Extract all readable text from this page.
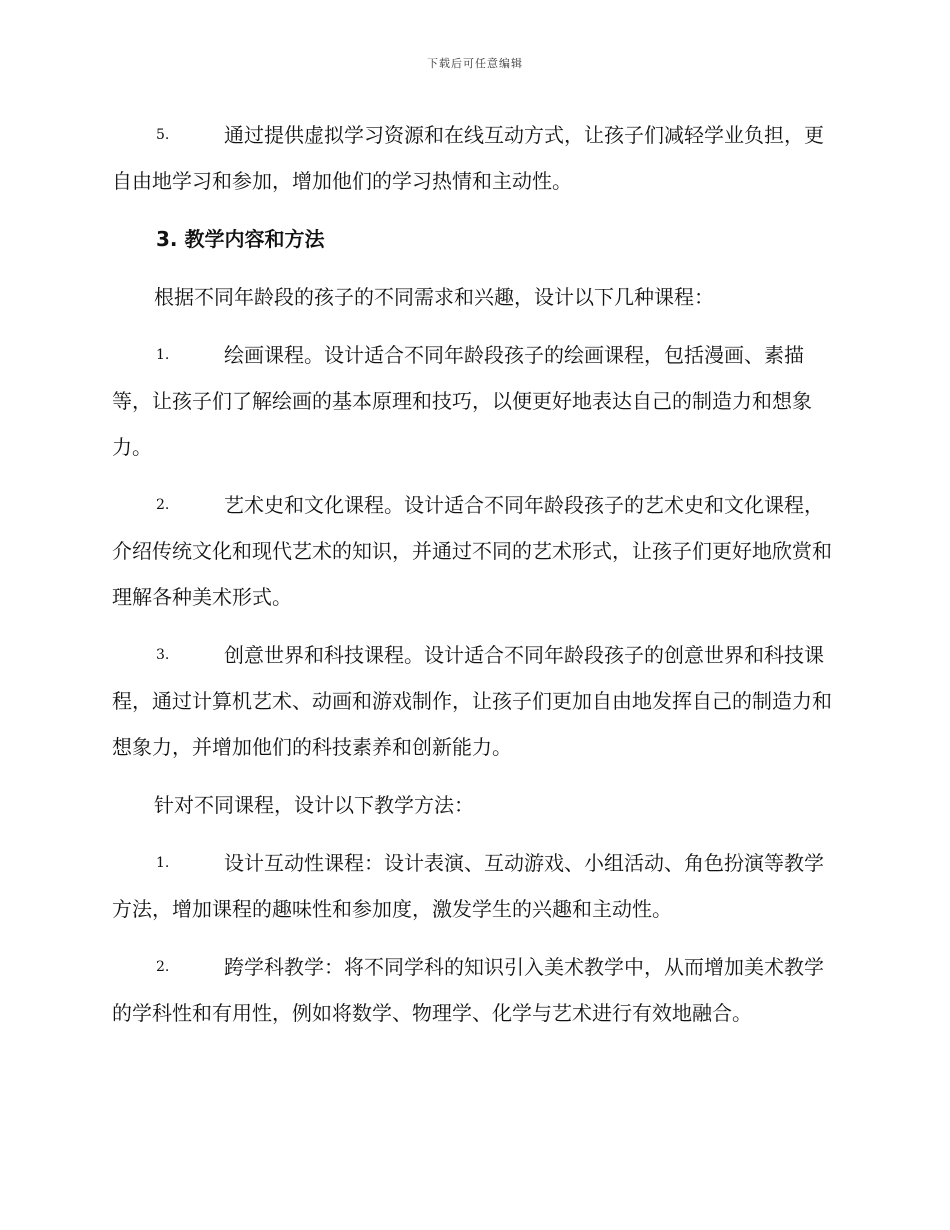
下载后可任意编辑

5.	通过提供虚拟学习资源和在线互动方式，让孩子们减轻学业负担，更自由地学习和参加，增加他们的学习热情和主动性。

3. 教学内容和方法

根据不同年龄段的孩子的不同需求和兴趣，设计以下几种课程：

1.	绘画课程。设计适合不同年龄段孩子的绘画课程，包括漫画、素描等，让孩子们了解绘画的基本原理和技巧，以便更好地表达自己的制造力和想象力。

2.	艺术史和文化课程。设计适合不同年龄段孩子的艺术史和文化课程，介绍传统文化和现代艺术的知识，并通过不同的艺术形式，让孩子们更好地欣赏和理解各种美术形式。

3.	创意世界和科技课程。设计适合不同年龄段孩子的创意世界和科技课程，通过计算机艺术、动画和游戏制作，让孩子们更加自由地发挥自己的制造力和想象力，并增加他们的科技素养和创新能力。

针对不同课程，设计以下教学方法：

1.	设计互动性课程：设计表演、互动游戏、小组活动、角色扮演等教学方法，增加课程的趣味性和参加度，激发学生的兴趣和主动性。

2.	跨学科教学：将不同学科的知识引入美术教学中，从而增加美术教学的学科性和有用性，例如将数学、物理学、化学与艺术进行有效地融合。
